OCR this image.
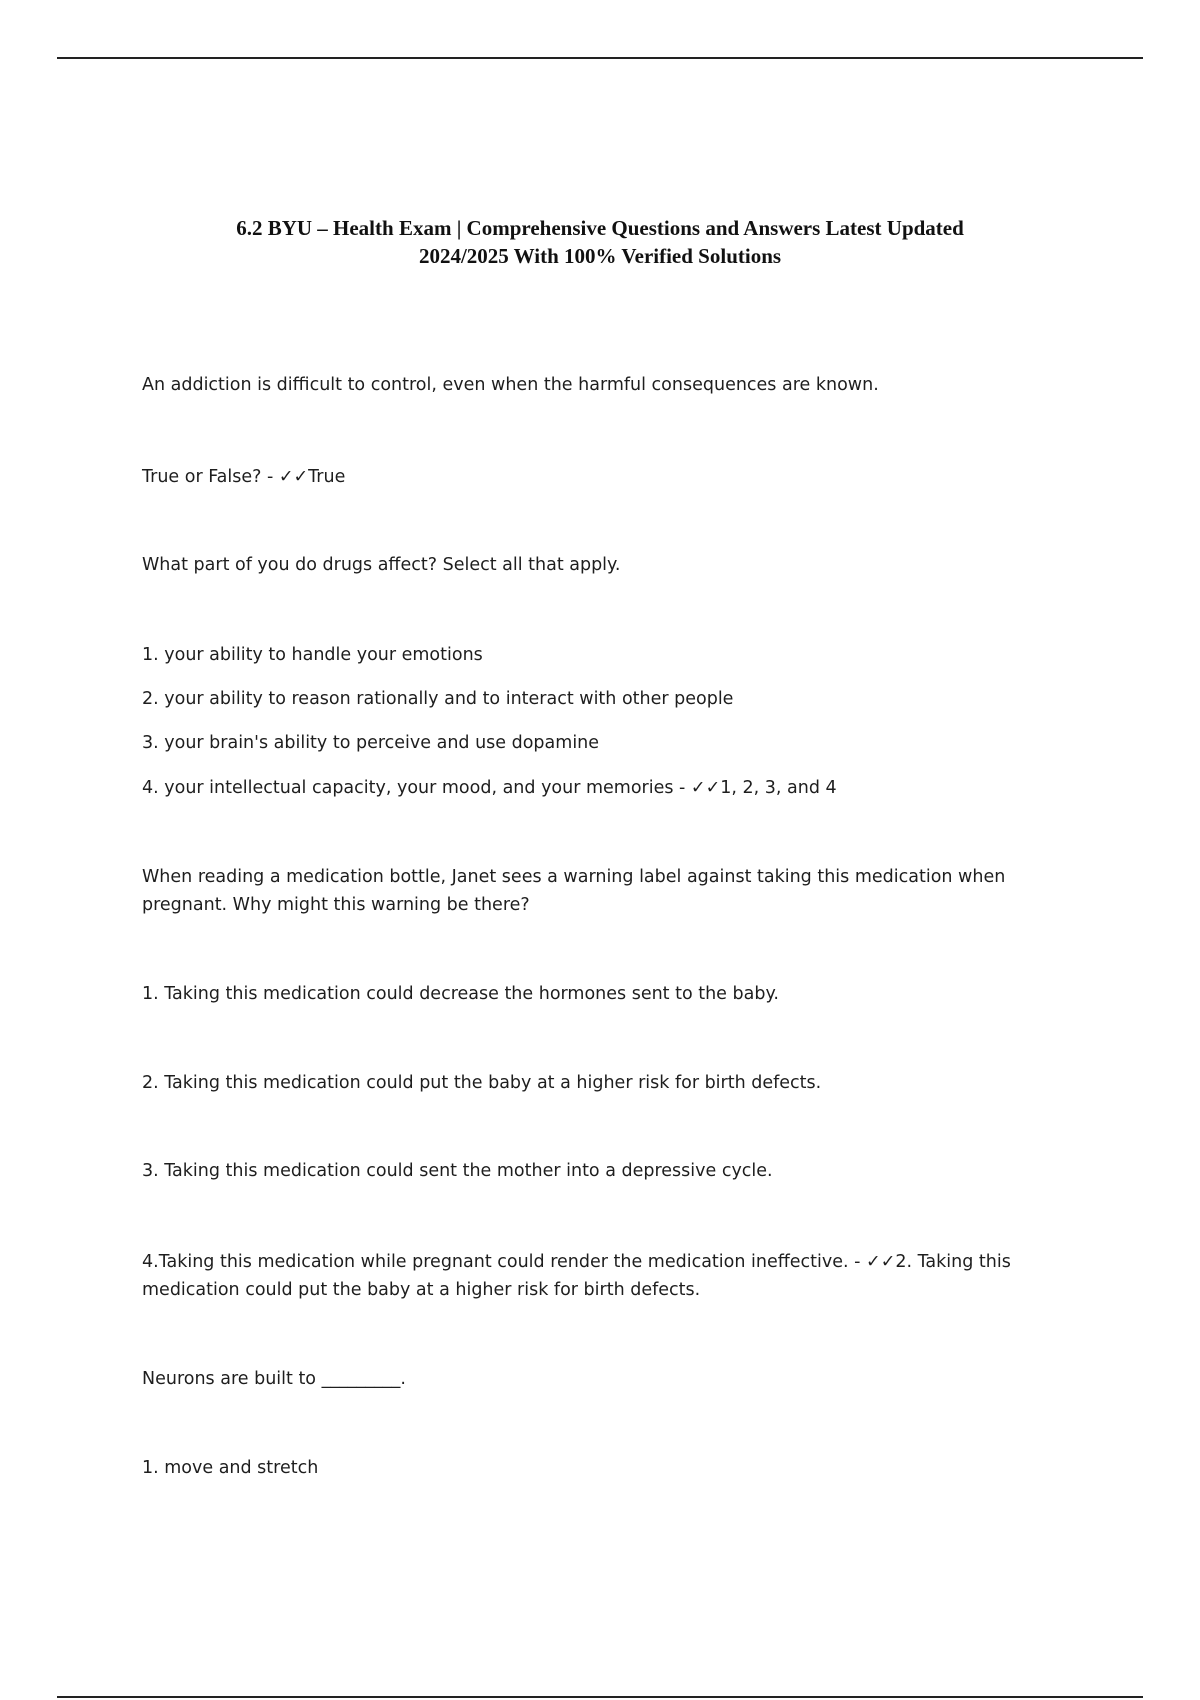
6.2 BYU – Health Exam | Comprehensive Questions and Answers Latest Updated
2024/2025 With 100% Verified Solutions
An addiction is difficult to control, even when the harmful consequences are known.
True or False? - ✓✓True
What part of you do drugs affect? Select all that apply.
1. your ability to handle your emotions
2. your ability to reason rationally and to interact with other people
3. your brain's ability to perceive and use dopamine
4. your intellectual capacity, your mood, and your memories - ✓✓1, 2, 3, and 4
When reading a medication bottle, Janet sees a warning label against taking this medication when pregnant. Why might this warning be there?
1. Taking this medication could decrease the hormones sent to the baby.
2. Taking this medication could put the baby at a higher risk for birth defects.
3. Taking this medication could sent the mother into a depressive cycle.
4.Taking this medication while pregnant could render the medication ineffective. - ✓✓2. Taking this medication could put the baby at a higher risk for birth defects.
Neurons are built to _________.
1. move and stretch
